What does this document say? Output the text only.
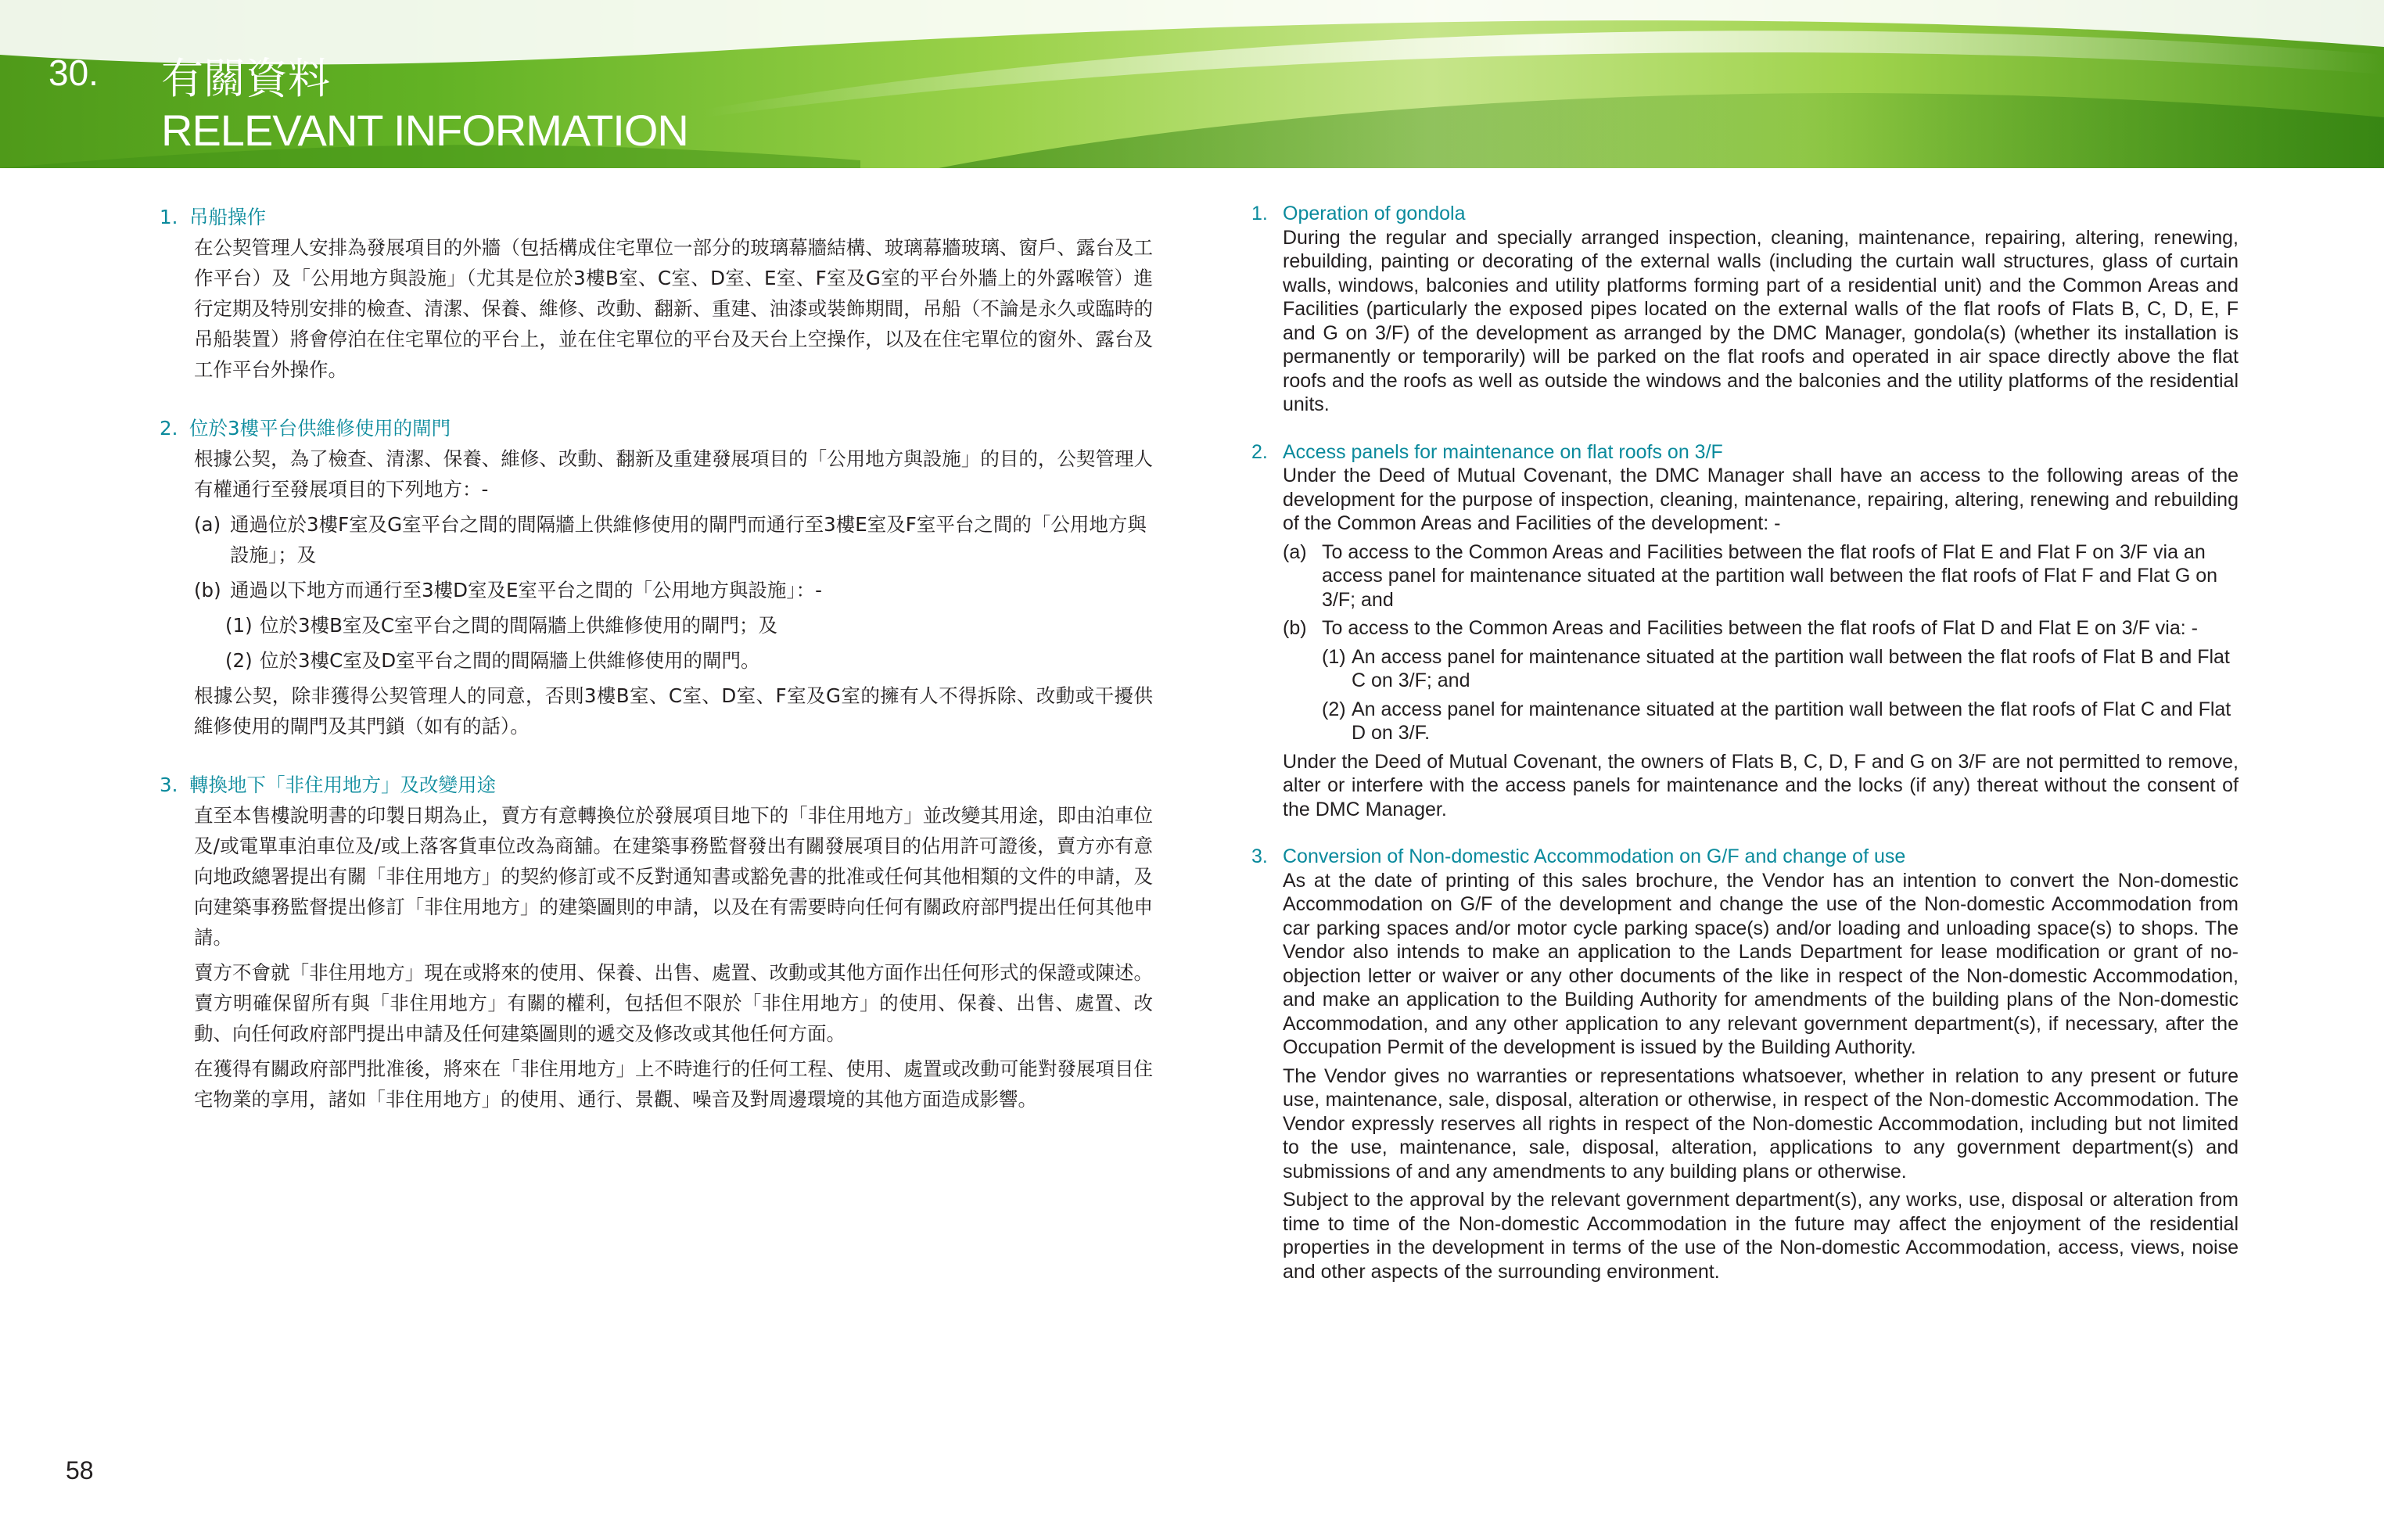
30. 有關資料
RELEVANT INFORMATION
1. 吊船操作
在公契管理人安排為發展項目的外牆（包括構成住宅單位一部分的玻璃幕牆結構、玻璃幕牆玻璃、窗戶、露台及工作平台）及「公用地方與設施」（尤其是位於3樓B室、C室、D室、E室、F室及G室的平台外牆上的外露喉管）進行定期及特別安排的檢查、清潔、保養、維修、改動、翻新、重建、油漆或裝飾期間，吊船（不論是永久或臨時的吊船裝置）將會停泊在住宅單位的平台上，並在住宅單位的平台及天台上空操作，以及在住宅單位的窗外、露台及工作平台外操作。
2. 位於3樓平台供維修使用的閘門
根據公契，為了檢查、清潔、保養、維修、改動、翻新及重建發展項目的「公用地方與設施」的目的，公契管理人有權通行至發展項目的下列地方：-
(a) 通過位於3樓F室及G室平台之間的間隔牆上供維修使用的閘門而通行至3樓E室及F室平台之間的「公用地方與設施」；及
(b) 通過以下地方而通行至3樓D室及E室平台之間的「公用地方與設施」：-
(1) 位於3樓B室及C室平台之間的間隔牆上供維修使用的閘門；及
(2) 位於3樓C室及D室平台之間的間隔牆上供維修使用的閘門。
根據公契，除非獲得公契管理人的同意，否則3樓B室、C室、D室、F室及G室的擁有人不得拆除、改動或干擾供維修使用的閘門及其門鎖（如有的話）。
3. 轉換地下「非住用地方」及改變用途
直至本售樓說明書的印製日期為止，賣方有意轉換位於發展項目地下的「非住用地方」並改變其用途，即由泊車位及/或電單車泊車位及/或上落客貨車位改為商舖。在建築事務監督發出有關發展項目的佔用許可證後，賣方亦有意向地政總署提出有關「非住用地方」的契約修訂或不反對通知書或豁免書的批准或任何其他相類的文件的申請，及向建築事務監督提出修訂「非住用地方」的建築圖則的申請，以及在有需要時向任何有關政府部門提出任何其他申請。
賣方不會就「非住用地方」現在或將來的使用、保養、出售、處置、改動或其他方面作出任何形式的保證或陳述。賣方明確保留所有與「非住用地方」有關的權利，包括但不限於「非住用地方」的使用、保養、出售、處置、改動、向任何政府部門提出申請及任何建築圖則的遞交及修改或其他任何方面。
在獲得有關政府部門批准後，將來在「非住用地方」上不時進行的任何工程、使用、處置或改動可能對發展項目住宅物業的享用，諸如「非住用地方」的使用、通行、景觀、噪音及對周邊環境的其他方面造成影響。
1. Operation of gondola
During the regular and specially arranged inspection, cleaning, maintenance, repairing, altering, renewing, rebuilding, painting or decorating of the external walls (including the curtain wall structures, glass of curtain walls, windows, balconies and utility platforms forming part of a residential unit) and the Common Areas and Facilities (particularly the exposed pipes located on the external walls of the flat roofs of Flats B, C, D, E, F and G on 3/F) of the development as arranged by the DMC Manager, gondola(s) (whether its installation is permanently or temporarily) will be parked on the flat roofs and operated in air space directly above the flat roofs and the roofs as well as outside the windows and the balconies and the utility platforms of the residential units.
2. Access panels for maintenance on flat roofs on 3/F
Under the Deed of Mutual Covenant, the DMC Manager shall have an access to the following areas of the development for the purpose of inspection, cleaning, maintenance, repairing, altering, renewing and rebuilding of the Common Areas and Facilities of the development: -
(a) To access to the Common Areas and Facilities between the flat roofs of Flat E and Flat F on 3/F via an access panel for maintenance situated at the partition wall between the flat roofs of Flat F and Flat G on 3/F; and
(b) To access to the Common Areas and Facilities between the flat roofs of Flat D and Flat E on 3/F via: -
(1) An access panel for maintenance situated at the partition wall between the flat roofs of Flat B and Flat C on 3/F; and
(2) An access panel for maintenance situated at the partition wall between the flat roofs of Flat C and Flat D on 3/F.
Under the Deed of Mutual Covenant, the owners of Flats B, C, D, F and G on 3/F are not permitted to remove, alter or interfere with the access panels for maintenance and the locks (if any) thereat without the consent of the DMC Manager.
3. Conversion of Non-domestic Accommodation on G/F and change of use
As at the date of printing of this sales brochure, the Vendor has an intention to convert the Non-domestic Accommodation on G/F of the development and change the use of the Non-domestic Accommodation from car parking spaces and/or motor cycle parking space(s) and/or loading and unloading space(s) to shops. The Vendor also intends to make an application to the Lands Department for lease modification or grant of no-objection letter or waiver or any other documents of the like in respect of the Non-domestic Accommodation, and make an application to the Building Authority for amendments of the building plans of the Non-domestic Accommodation, and any other application to any relevant government department(s), if necessary, after the Occupation Permit of the development is issued by the Building Authority.
The Vendor gives no warranties or representations whatsoever, whether in relation to any present or future use, maintenance, sale, disposal, alteration or otherwise, in respect of the Non-domestic Accommodation. The Vendor expressly reserves all rights in respect of the Non-domestic Accommodation, including but not limited to the use, maintenance, sale, disposal, alteration, applications to any government department(s) and submissions of and any amendments to any building plans or otherwise.
Subject to the approval by the relevant government department(s), any works, use, disposal or alteration from time to time of the Non-domestic Accommodation in the future may affect the enjoyment of the residential properties in the development in terms of the use of the Non-domestic Accommodation, access, views, noise and other aspects of the surrounding environment.
58
